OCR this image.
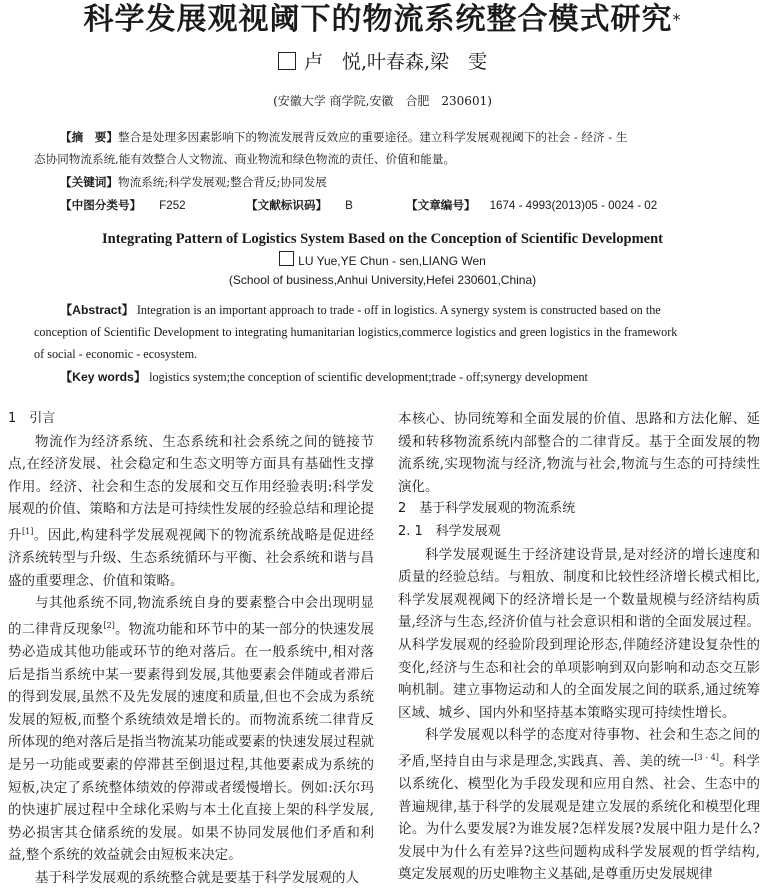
科学发展观视阈下的物流系统整合模式研究*
卢　悦,叶春森,梁　雯
(安徽大学 商学院,安徽　合肥　230601)
【摘　要】整合是处理多因素影响下的物流发展背反效应的重要途径。建立科学发展观视阈下的社会 - 经济 - 生
态协同物流系统,能有效整合人文物流、商业物流和绿色物流的责任、价值和能量。
【关键词】物流系统;科学发展观;整合背反;协同发展
【中图分类号】 F252	【文献标识码】 B	【文章编号】 1674 - 4993(2013)05 - 0024 - 02
Integrating Pattern of Logistics System Based on the Conception of Scientific Development
LU Yue,YE Chun - sen,LIANG Wen
(School of business,Anhui University,Hefei 230601,China)
【Abstract】 Integration is an important approach to trade - off in logistics. A synergy system is constructed based on the
conception of Scientific Development to integrating humanitarian logistics,commerce logistics and green logistics in the framework
of social - economic - ecosystem.
【Key words】 logistics system;the conception of scientific development;trade - off;synergy development

1　引言

物流作为经济系统、生态系统和社会系统之间的链接节点,在经济发展、社会稳定和生态文明等方面具有基础性支撑作用。经济、社会和生态的发展和交互作用经验表明:科学发展观的价值、策略和方法是可持续性发展的经验总结和理论提升[1]。因此,构建科学发展观视阈下的物流系统战略是促进经济系统转型与升级、生态系统循环与平衡、社会系统和谐与昌盛的重要理念、价值和策略。

与其他系统不同,物流系统自身的要素整合中会出现明显的二律背反现象[2]。物流功能和环节中的某一部分的快速发展势必造成其他功能或环节的绝对落后。在一般系统中,相对落后是指当系统中某一要素得到发展,其他要素会伴随或者滞后的得到发展,虽然不及先发展的速度和质量,但也不会成为系统发展的短板,而整个系统绩效是增长的。而物流系统二律背反所体现的绝对落后是指当物流某功能或要素的快速发展过程就是另一功能或要素的停滞甚至倒退过程,其他要素成为系统的短板,决定了系统整体绩效的停滞或者缓慢增长。例如:沃尔玛的快速扩展过程中全球化采购与本土化直接上架的科学发展,势必损害其仓储系统的发展。如果不协同发展他们矛盾和利益,整个系统的效益就会由短板来决定。

基于科学发展观的系统整合就是要基于科学发展观的人

本核心、协同统筹和全面发展的价值、思路和方法化解、延缓和转移物流系统内部整合的二律背反。基于全面发展的物流系统,实现物流与经济,物流与社会,物流与生态的可持续性演化。

2　基于科学发展观的物流系统

2. 1　科学发展观

科学发展观诞生于经济建设背景,是对经济的增长速度和质量的经验总结。与粗放、制度和比较性经济增长模式相比,科学发展观视阈下的经济增长是一个数量规模与经济结构质量,经济与生态,经济价值与社会意识相和谐的全面发展过程。从科学发展观的经验阶段到理论形态,伴随经济建设复杂性的变化,经济与生态和社会的单项影响到双向影响和动态交互影响机制。建立事物运动和人的全面发展之间的联系,通过统筹区域、城乡、国内外和坚持基本策略实现可持续性增长。

科学发展观以科学的态度对待事物、社会和生态之间的矛盾,坚持自由与求是理念,实践真、善、美的统一[3 - 4]。科学以系统化、模型化为手段发现和应用自然、社会、生态中的普遍规律,基于科学的发展观是建立发展的系统化和模型化理论。为什么要发展?为谁发展?怎样发展?发展中阻力是什么?发展中为什么有差异?这些问题构成科学发展观的哲学结构,奠定发展观的历史唯物主义基础,是尊重历史发展规律
